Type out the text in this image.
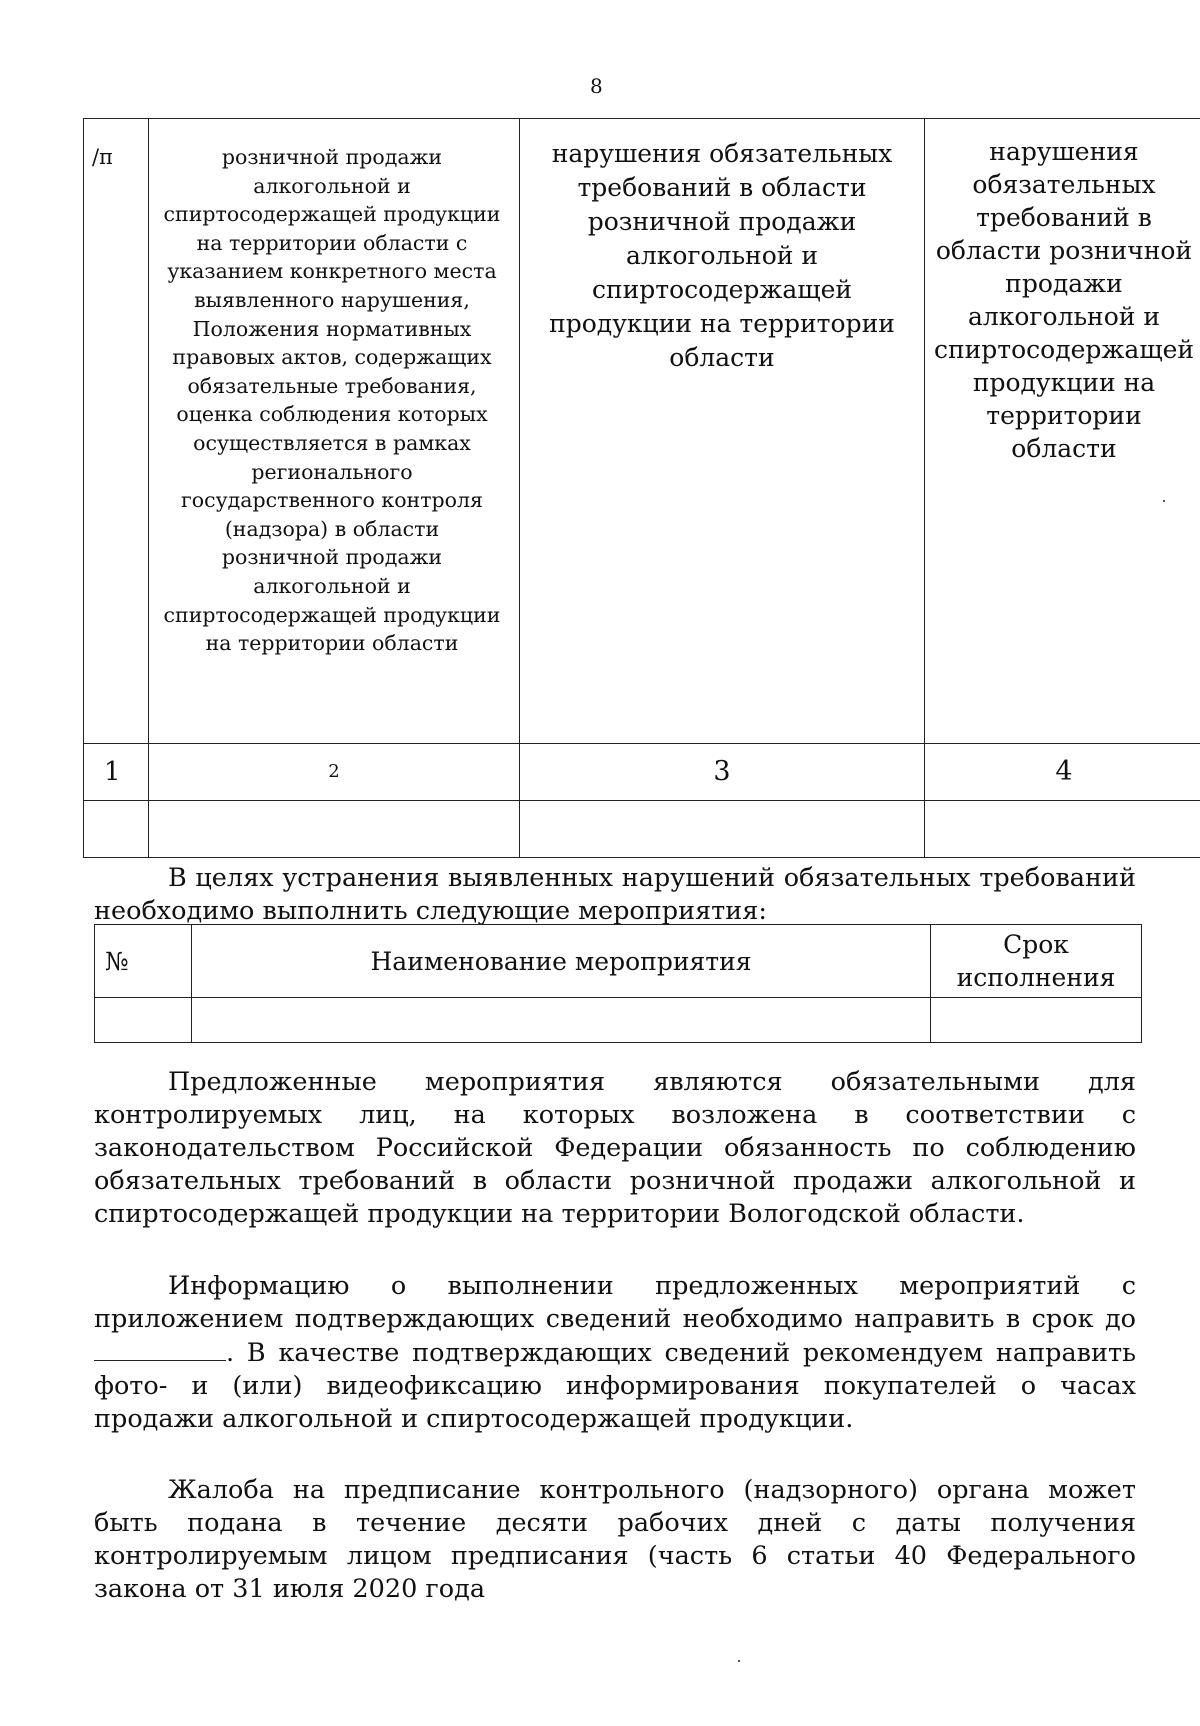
8
/п	розничной продажи алкогольной и спиртосодержащей продукции на территории области с указанием конкретного места выявленного нарушения, Положения нормативных правовых актов, содержащих обязательные требования, оценка соблюдения которых осуществляется в рамках регионального государственного контроля (надзора) в области розничной продажи алкогольной и спиртосодержащей продукции на территории области	нарушения обязательных требований в области розничной продажи алкогольной и спиртосодержащей продукции на территории области	нарушения обязательных требований в области розничной продажи алкогольной и спиртосодержащей продукции на территории области
1	2	3	4

В целях устранения выявленных нарушений обязательных требований необходимо выполнить следующие мероприятия:

№	Наименование мероприятия	Срок исполнения

Предложенные мероприятия являются обязательными для контролируемых лиц, на которых возложена в соответствии с законодательством Российской Федерации обязанность по соблюдению обязательных требований в области розничной продажи алкогольной и спиртосодержащей продукции на территории Вологодской области.

Информацию о выполнении предложенных мероприятий с приложением подтверждающих сведений необходимо направить в срок до . В качестве подтверждающих сведений рекомендуем направить фото- и (или) видеофиксацию информирования покупателей о часах продажи алкогольной и спиртосодержащей продукции.

Жалоба на предписание контрольного (надзорного) органа может быть подана в течение десяти рабочих дней с даты получения контролируемым лицом предписания (часть 6 статьи 40 Федерального закона от 31 июля 2020 года
